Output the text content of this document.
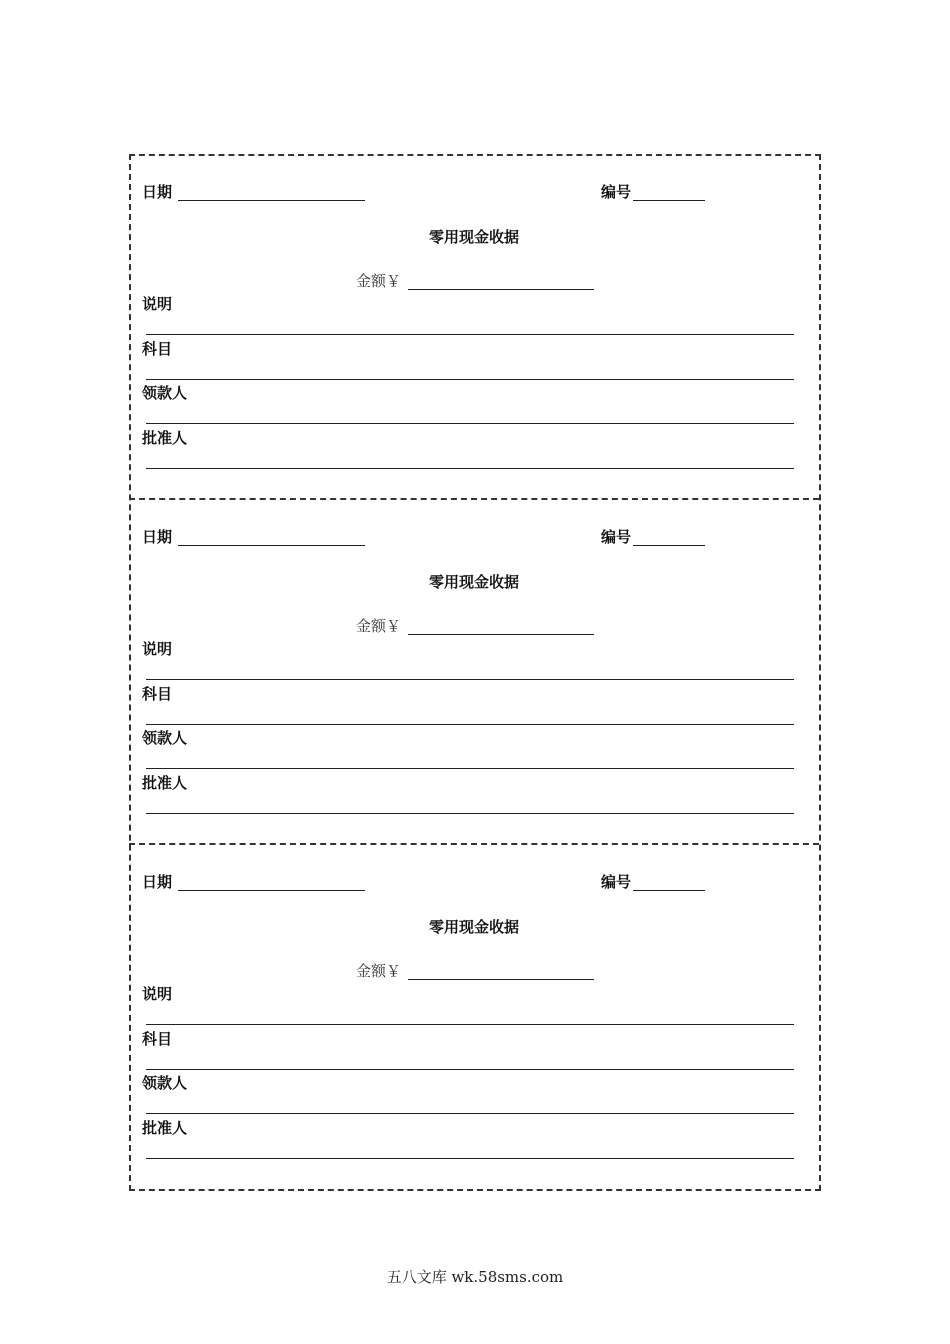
日期	编号
零用现金收据
金额￥
说明
科目
领款人
批准人
日期	编号
零用现金收据
金额￥
说明
科目
领款人
批准人
日期	编号
零用现金收据
金额￥
说明
科目
领款人
批准人
五八文库 wk.58sms.com
